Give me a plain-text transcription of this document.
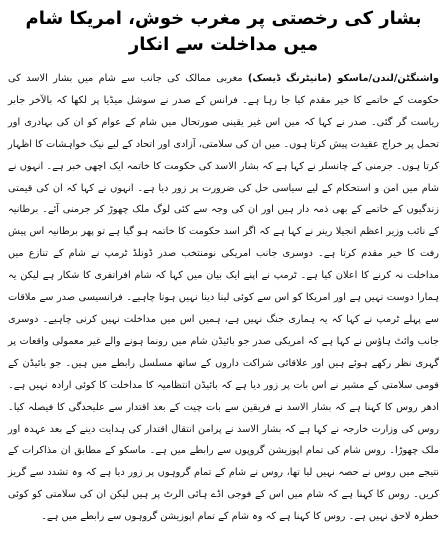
بشار کی رخصتی پر مغرب خوش، امریکا شام میں مداخلت سے انکار

واشنگٹن/لندن/ماسکو (مانیٹرنگ ڈیسک) مغربی ممالک کی جانب سے شام میں بشار الاسد کی حکومت کے خاتمے کا خیر مقدم کیا جا رہا ہے۔ فرانس کے صدر نے سوشل میڈیا پر لکھا کہ بالآخر جابر ریاست گر گئی۔ صدر نے کہا کہ میں اس غیر یقینی صورتحال میں شام کے عوام کو ان کی بہادری اور تحمل پر خراج عقیدت پیش کرتا ہوں۔ میں ان کی سلامتی، آزادی اور اتحاد کے لیے نیک خواہشات کا اظہار کرتا ہوں۔ جرمنی کے چانسلر نے کہا ہے کہ بشار الاسد کی حکومت کا خاتمہ ایک اچھی خبر ہے۔ انہوں نے شام میں امن و استحکام کے لیے سیاسی حل کی ضرورت پر زور دیا ہے۔ انہوں نے کہا کہ ان کی قیمتی زندگیوں کے خاتمے کے بھی ذمہ دار ہیں اور ان کی وجہ سے کئی لوگ ملک چھوڑ کر جرمنی آئے۔ برطانیہ کے نائب وزیر اعظم انجیلا رینر نے کہا ہے کہ اگر اسد حکومت کا خاتمہ ہو گیا ہے تو پھر برطانیہ اس پیش رفت کا خیر مقدم کرتا ہے۔ دوسری جانب امریکی نومنتخب صدر ڈونلڈ ٹرمپ نے شام کے تنازع میں مداخلت نہ کرنے کا اعلان کیا ہے۔ ٹرمپ نے اپنے ایک بیان میں کہا کہ شام افراتفری کا شکار ہے لیکن یہ ہمارا دوست نہیں ہے اور امریکا کو اس سے کوئی لینا دینا نہیں ہونا چاہیے۔ فرانسیسی صدر سے ملاقات سے پہلے ٹرمپ نے کہا کہ یہ ہماری جنگ نہیں ہے، ہمیں اس میں مداخلت نہیں کرنی چاہیے۔ دوسری جانب وائٹ ہاؤس نے کہا ہے کہ امریکی صدر جو بائیڈن شام میں رونما ہونے والے غیر معمولی واقعات پر گہری نظر رکھے ہوئے ہیں اور علاقائی شراکت داروں کے ساتھ مسلسل رابطے میں ہیں۔ جو بائیڈن کے قومی سلامتی کے مشیر نے اس بات پر زور دیا ہے کہ بائیڈن انتظامیہ کا مداخلت کا کوئی ارادہ نہیں ہے۔ ادھر روس کا کہنا ہے کہ بشار الاسد نے فریقین سے بات چیت کے بعد اقتدار سے علیحدگی کا فیصلہ کیا۔ روس کی وزارت خارجہ نے کہا ہے کہ بشار الاسد نے پرامن انتقال اقتدار کی ہدایت دینے کے بعد عہدہ اور ملک چھوڑا۔ روس شام کی تمام اپوزیشن گروپوں سے رابطے میں ہے۔ ماسکو کے مطابق ان مذاکرات کے نتیجے میں روس نے حصہ نہیں لیا تھا، روس نے شام کے تمام گروہوں پر زور دیا ہے کہ وہ تشدد سے گریز کریں۔ روس کا کہنا ہے کہ شام میں اس کے فوجی اڈے ہائی الرٹ پر ہیں لیکن ان کی سلامتی کو کوئی خطرہ لاحق نہیں ہے۔ روس کا کہنا ہے کہ وہ شام کے تمام اپوزیشن گروہوں سے رابطے میں ہے۔
